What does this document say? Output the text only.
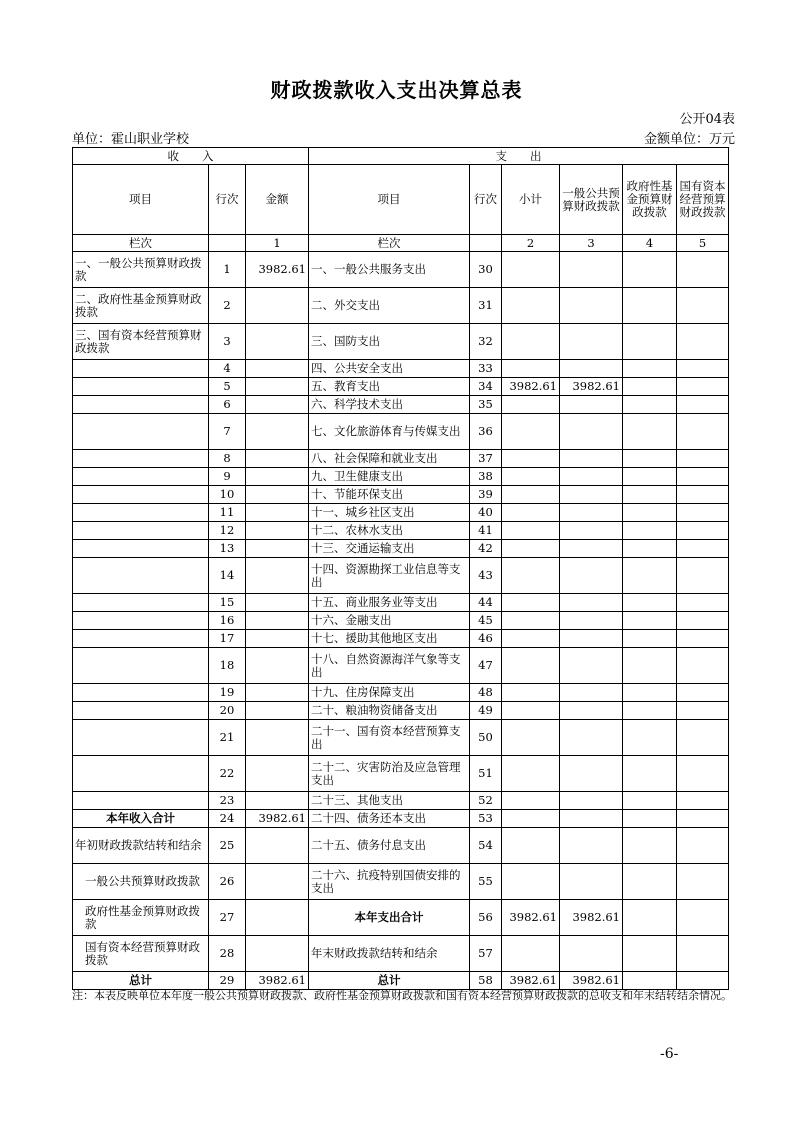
财政拨款收入支出决算总表
公开04表
单位：霍山职业学校	金额单位：万元
收　　入			支　　出					
项目	行次	金额	项目	行次	小计	一般公共预算财政拨款	政府性基金预算财政拨款	国有资本经营预算财政拨款
栏次		1	栏次		2	3	4	5
一、一般公共预算财政拨款	1	3982.61	一、一般公共服务支出	30				
二、政府性基金预算财政拨款	2		二、外交支出	31				
三、国有资本经营预算财政拨款	3		三、国防支出	32				
	4		四、公共安全支出	33				
	5		五、教育支出	34	3982.61	3982.61		
	6		六、科学技术支出	35				
	7		七、文化旅游体育与传媒支出	36				
	8		八、社会保障和就业支出	37				
	9		九、卫生健康支出	38				
	10		十、节能环保支出	39				
	11		十一、城乡社区支出	40				
	12		十二、农林水支出	41				
	13		十三、交通运输支出	42				
	14		十四、资源勘探工业信息等支出	43				
	15		十五、商业服务业等支出	44				
	16		十六、金融支出	45				
	17		十七、援助其他地区支出	46				
	18		十八、自然资源海洋气象等支出	47				
	19		十九、住房保障支出	48				
	20		二十、粮油物资储备支出	49				
	21		二十一、国有资本经营预算支出	50				
	22		二十二、灾害防治及应急管理支出	51				
	23		二十三、其他支出	52				
本年收入合计	24	3982.61	二十四、债务还本支出	53				
年初财政拨款结转和结余	25		二十五、债务付息支出	54				
一般公共预算财政拨款	26		二十六、抗疫特别国债安排的支出	55				
政府性基金预算财政拨款	27		本年支出合计	56	3982.61	3982.61		
国有资本经营预算财政拨款	28		年末财政拨款结转和结余	57				
总计	29	3982.61	总计	58	3982.61	3982.61		
注：本表反映单位本年度一般公共预算财政拨款、政府性基金预算财政拨款和国有资本经营预算财政拨款的总收支和年末结转结余情况。
-6-
